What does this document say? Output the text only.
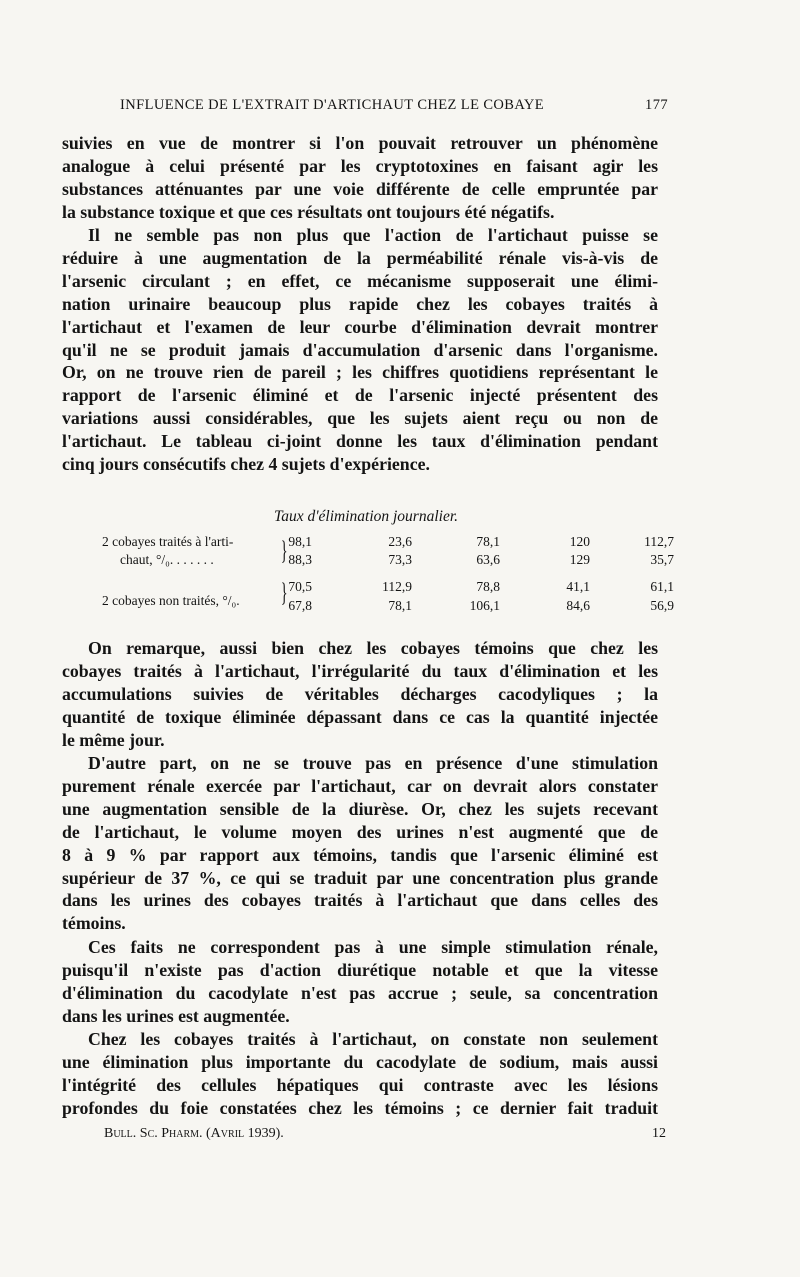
INFLUENCE DE L'EXTRAIT D'ARTICHAUT CHEZ LE COBAYE	177
suivies en vue de montrer si l'on pouvait retrouver un phénomène
analogue à celui présenté par les cryptotoxines en faisant agir les
substances atténuantes par une voie différente de celle empruntée par
la substance toxique et que ces résultats ont toujours été négatifs.
Il ne semble pas non plus que l'action de l'artichaut puisse se
réduire à une augmentation de la perméabilité rénale vis-à-vis de
l'arsenic circulant ; en effet, ce mécanisme supposerait une élimi-
nation urinaire beaucoup plus rapide chez les cobayes traités à
l'artichaut et l'examen de leur courbe d'élimination devrait montrer
qu'il ne se produit jamais d'accumulation d'arsenic dans l'organisme.
Or, on ne trouve rien de pareil ; les chiffres quotidiens représentant le
rapport de l'arsenic éliminé et de l'arsenic injecté présentent des
variations aussi considérables, que les sujets aient reçu ou non de
l'artichaut. Le tableau ci-joint donne les taux d'élimination pendant
cinq jours consécutifs chez 4 sujets d'expérience.
Taux d'élimination journalier.
2 cobayes traités à l'arti-
chaut, °/₀. . . . . . .	} 98,1	23,6	78,1	120	112,7
88,3	73,3	63,6	129	35,7
2 cobayes non traités, °/₀. } 70,5	112,9	78,8	41,1	61,1
67,8	78,1	106,1	84,6	56,9
On remarque, aussi bien chez les cobayes témoins que chez les
cobayes traités à l'artichaut, l'irrégularité du taux d'élimination et les
accumulations suivies de véritables décharges cacodyliques ; la
quantité de toxique éliminée dépassant dans ce cas la quantité injectée
le même jour.
D'autre part, on ne se trouve pas en présence d'une stimulation
purement rénale exercée par l'artichaut, car on devrait alors constater
une augmentation sensible de la diurèse. Or, chez les sujets recevant
de l'artichaut, le volume moyen des urines n'est augmenté que de
8 à 9 % par rapport aux témoins, tandis que l'arsenic éliminé est
supérieur de 37 %, ce qui se traduit par une concentration plus grande
dans les urines des cobayes traités à l'artichaut que dans celles des
témoins.
Ces faits ne correspondent pas à une simple stimulation rénale,
puisqu'il n'existe pas d'action diurétique notable et que la vitesse
d'élimination du cacodylate n'est pas accrue ; seule, sa concentration
dans les urines est augmentée.
Chez les cobayes traités à l'artichaut, on constate non seulement
une élimination plus importante du cacodylate de sodium, mais aussi
l'intégrité des cellules hépatiques qui contraste avec les lésions
profondes du foie constatées chez les témoins ; ce dernier fait traduit
Bull. Sc. Pharm. (Avril 1939).	12
